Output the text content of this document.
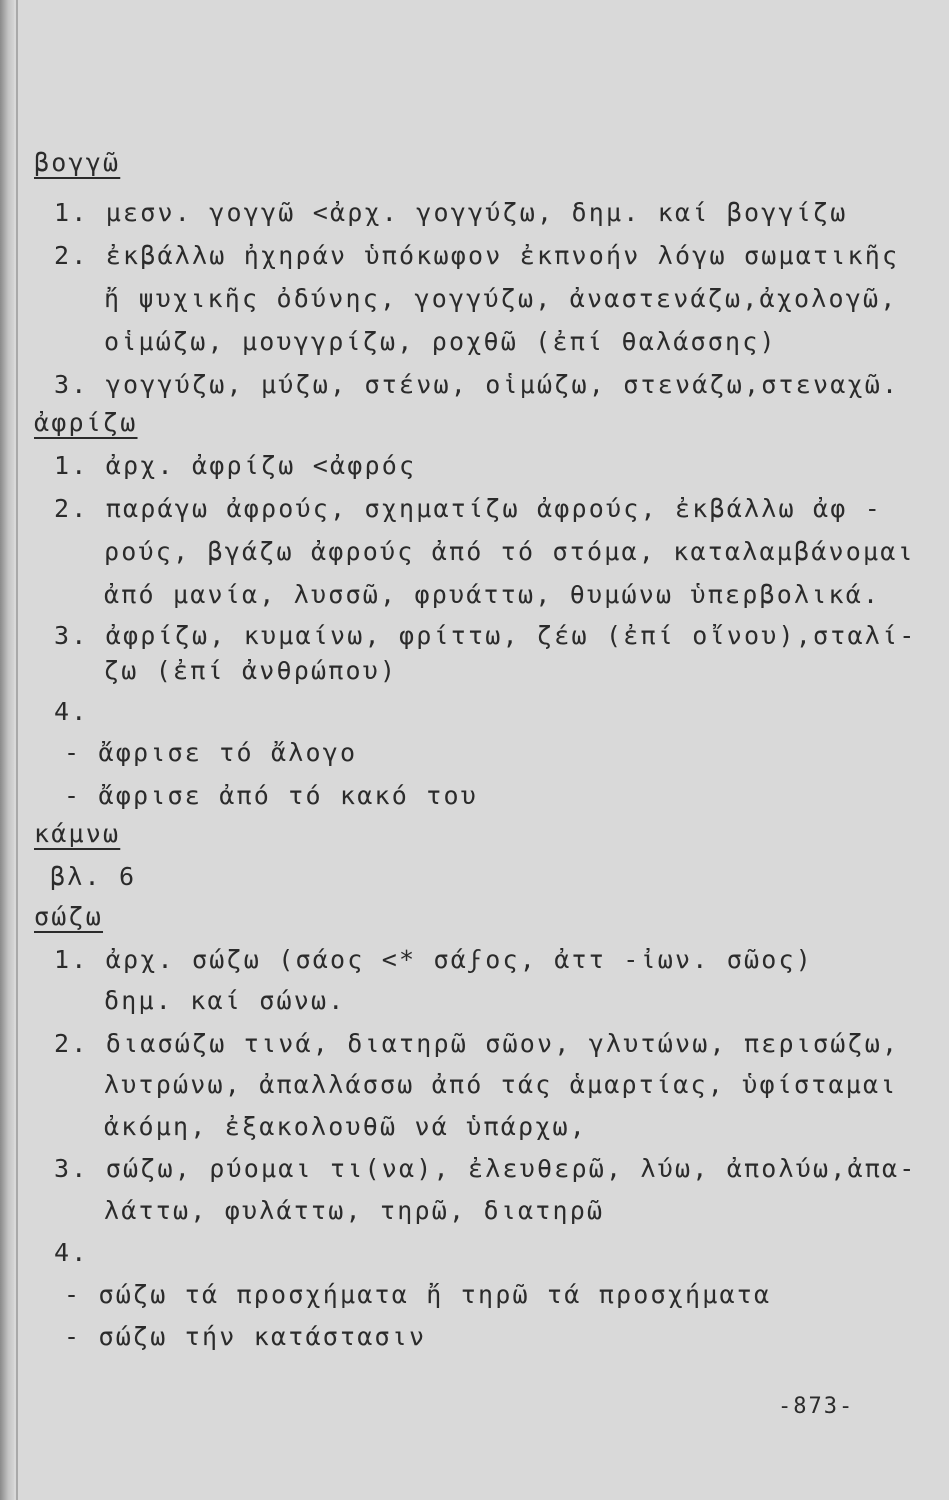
βογγῶ
1. μεσν. γογγῶ <ἀρχ. γογγύζω, δημ. καί βογγίζω
2. ἐκβάλλω ἠχηράν ὑπόκωφον ἐκπνοήν λόγω σωματικῆς
ἤ ψυχικῆς ὀδύνης, γογγύζω, ἀναστενάζω,ἀχολογῶ,
οἱμώζω, μουγγρίζω, ροχθῶ (ἐπί θαλάσσης)
3. γογγύζω, μύζω, στένω, οἱμώζω, στενάζω,στεναχῶ.
ἀφρίζω
1. ἀρχ. ἀφρίζω <ἀφρός
2. παράγω ἀφρούς, σχηματίζω ἀφρούς, ἐκβάλλω ἀφ -
ρούς, βγάζω ἀφρούς ἀπό τό στόμα, καταλαμβάνομαι
ἀπό μανία, λυσσῶ, φρυάττω, θυμώνω ὑπερβολικά.
3. ἀφρίζω, κυμαίνω, φρίττω, ζέω (ἐπί οἴνου),σταλί-
ζω (ἐπί ἀνθρώπου)
4.
- ἄφρισε τό ἄλογο
- ἄφρισε ἀπό τό κακό του
κάμνω
βλ. 6
σώζω
1. ἀρχ. σώζω (σάος <* σάϝος, ἀττ -ἰων. σῶος)
δημ. καί σώνω.
2. διασώζω τινά, διατηρῶ σῶον, γλυτώνω, περισώζω,
λυτρώνω, ἀπαλλάσσω ἀπό τάς ἁμαρτίας, ὑφίσταμαι
ἀκόμη, ἐξακολουθῶ νά ὑπάρχω,
3. σώζω, ρύομαι τι(να), ἐλευθερῶ, λύω, ἀπολύω,ἀπα-
λάττω, φυλάττω, τηρῶ, διατηρῶ
4.
- σώζω τά προσχήματα ἤ τηρῶ τά προσχήματα
- σώζω τήν κατάστασιν
-873-
